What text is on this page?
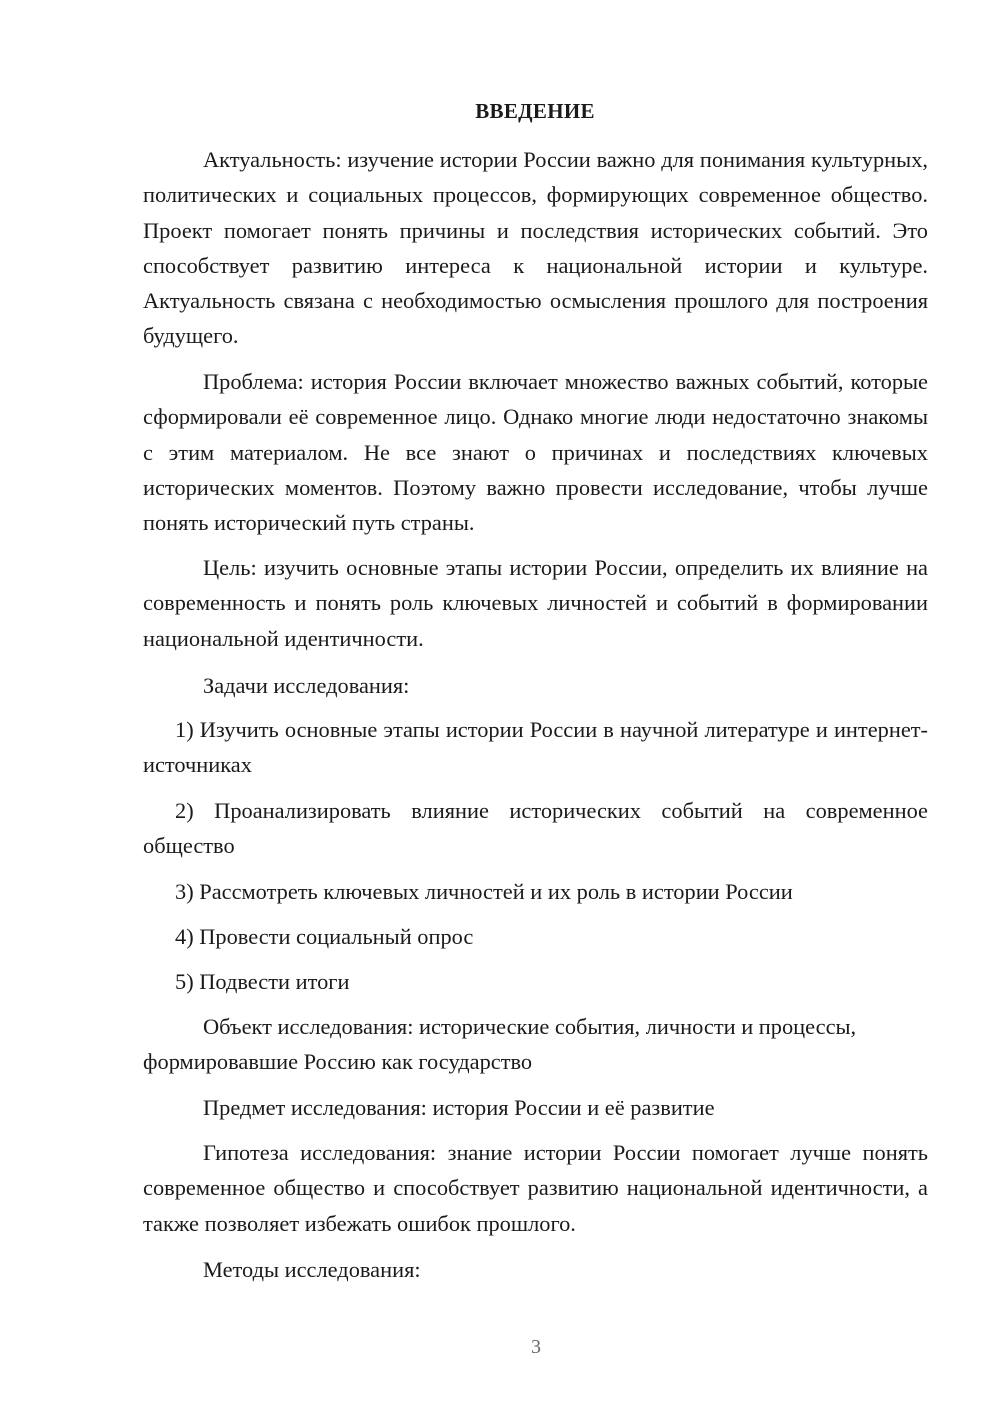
ВВЕДЕНИЕ

Актуальность: изучение истории России важно для понимания культурных, политических и социальных процессов, формирующих современное общество. Проект помогает понять причины и последствия исторических событий. Это способствует развитию интереса к национальной истории и культуре. Актуальность связана с необходимостью осмысления прошлого для построения будущего.

Проблема: история России включает множество важных событий, которые сформировали её современное лицо. Однако многие люди недостаточно знакомы с этим материалом. Не все знают о причинах и последствиях ключевых исторических моментов. Поэтому важно провести исследование, чтобы лучше понять исторический путь страны.

Цель: изучить основные этапы истории России, определить их влияние на современность и понять роль ключевых личностей и событий в формировании национальной идентичности.

Задачи исследования:

1) Изучить основные этапы истории России в научной литературе и интернет-источниках

2) Проанализировать влияние исторических событий на современное общество

3) Рассмотреть ключевых личностей и их роль в истории России

4) Провести социальный опрос

5) Подвести итоги

Объект исследования: исторические события, личности и процессы, формировавшие Россию как государство

Предмет исследования: история России и её развитие

Гипотеза исследования: знание истории России помогает лучше понять современное общество и способствует развитию национальной идентичности, а также позволяет избежать ошибок прошлого.

Методы исследования:

3
